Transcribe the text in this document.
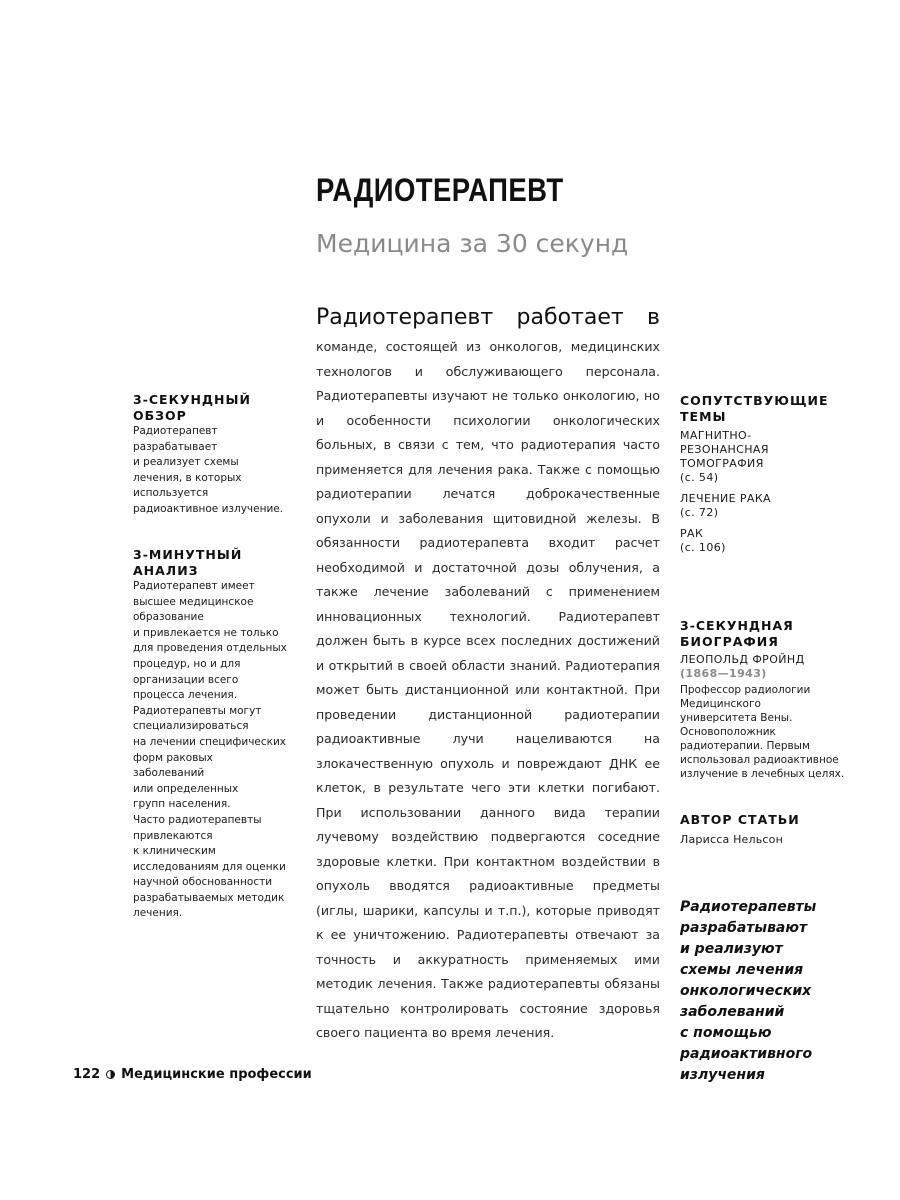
РАДИОТЕРАПЕВТ
Медицина за 30 секунд
Радиотерапевт работает в
команде, состоящей из онкологов, медицинских технологов и обслуживающего персонала. Радиотерапевты изучают не только онкологию, но и особенности психологии онкологических больных, в связи с тем, что радиотерапия часто применяется для лечения рака. Также с помощью радиотерапии лечатся доброкачественные опухоли и заболевания щитовидной железы. В обязанности радиотерапевта входит расчет необходимой и достаточной дозы облучения, а также лечение заболеваний с применением инновационных технологий. Радиотерапевт должен быть в курсе всех последних достижений и открытий в своей области знаний. Радиотерапия может быть дистанционной или контактной. При проведении дистанционной радиотерапии радиоактивные лучи нацеливаются на злокачественную опухоль и повреждают ДНК ее клеток, в результате чего эти клетки погибают. При использовании данного вида терапии лучевому воздействию подвергаются соседние здоровые клетки. При контактном воздействии в опухоль вводятся радиоактивные предметы (иглы, шарики, капсулы и т.п.), которые приводят к ее уничтожению. Радиотерапевты отвечают за точность и аккуратность применяемых ими методик лечения. Также радиотерапевты обязаны тщательно контролировать состояние здоровья своего пациента во время лечения.
3-СЕКУНДНЫЙ
ОБЗОР
Радиотерапевт
разрабатывает
и реализует схемы
лечения, в которых
используется
радиоактивное излучение.
3-МИНУТНЫЙ
АНАЛИЗ
Радиотерапевт имеет
высшее медицинское
образование
и привлекается не только
для проведения отдельных
процедур, но и для
организации всего
процесса лечения.
Радиотерапевты могут
специализироваться
на лечении специфических
форм раковых
заболеваний
или определенных
групп населения.
Часто радиотерапевты
привлекаются
к клиническим
исследованиям для оценки
научной обоснованности
разрабатываемых методик
лечения.
СОПУТСТВУЮЩИЕ
ТЕМЫ
МАГНИТНО-
РЕЗОНАНСНАЯ
ТОМОГРАФИЯ
(с. 54)
ЛЕЧЕНИЕ РАКА
(с. 72)
РАК
(с. 106)
3-СЕКУНДНАЯ
БИОГРАФИЯ
ЛЕОПОЛЬД ФРОЙНД
(1868—1943)
Профессор радиологии
Медицинского
университета Вены.
Основоположник
радиотерапии. Первым
использовал радиоактивное
излучение в лечебных целях.
АВТОР СТАТЬИ
Ларисса Нельсон
Радиотерапевты
разрабатывают
и реализуют
схемы лечения
онкологических
заболеваний
с помощью
радиоактивного
излучения
122 Медицинские профессии
